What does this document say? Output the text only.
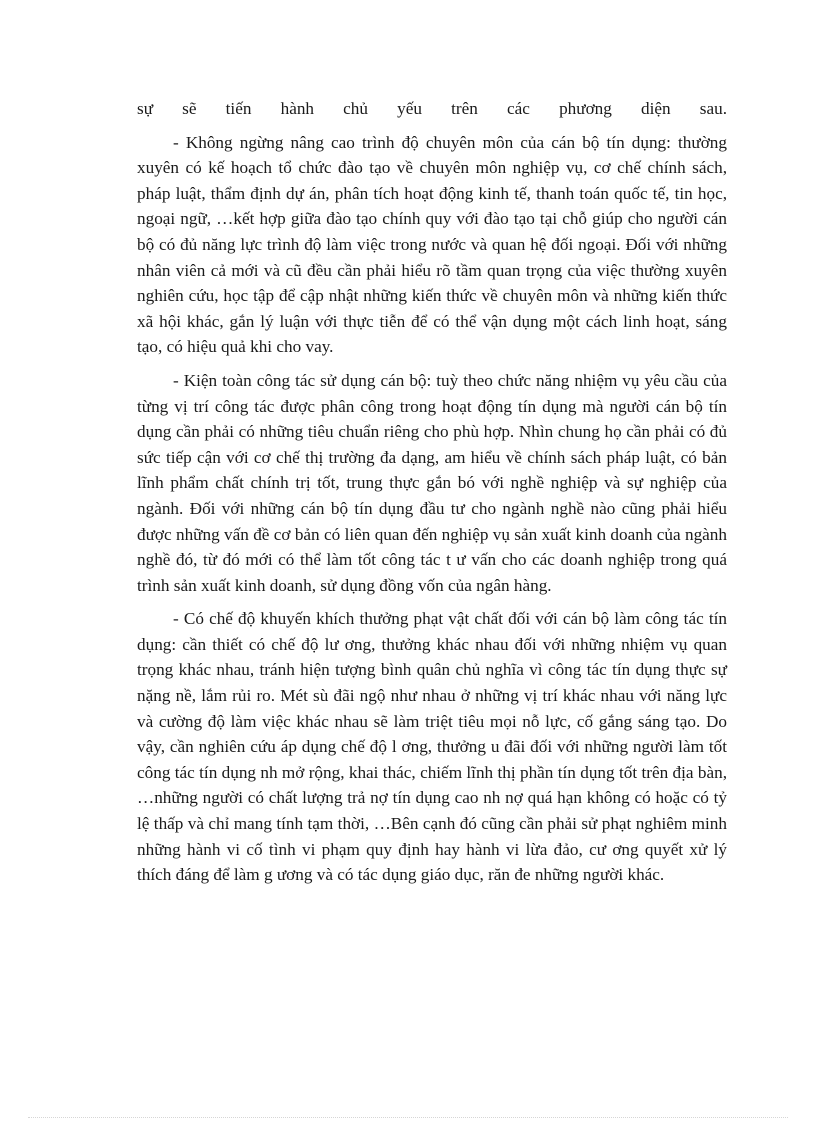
sự sẽ tiến hành chủ yếu trên các phương diện sau.

- Không ngừng nâng cao trình độ chuyên môn của cán bộ tín dụng: thường xuyên có kế hoạch tổ chức đào tạo về chuyên môn nghiệp vụ, cơ chế chính sách, pháp luật, thẩm định dự án, phân tích hoạt động kinh tế, thanh toán quốc tế, tin học, ngoại ngữ, …kết hợp giữa đào tạo chính quy với đào tạo tại chỗ giúp cho người cán bộ có đủ năng lực trình độ làm việc trong nước và quan hệ đối ngoại. Đối với những nhân viên cả mới và cũ đều cần phải hiểu rõ tầm quan trọng của việc thường xuyên nghiên cứu, học tập để cập nhật những kiến thức về chuyên môn và những kiến thức xã hội khác, gắn lý luận với thực tiễn để có thể vận dụng một cách linh hoạt, sáng tạo, có hiệu quả khi cho vay.

- Kiện toàn công tác sử dụng cán bộ: tuỳ theo chức năng nhiệm vụ yêu cầu của từng vị trí công tác được phân công trong hoạt động tín dụng mà người cán bộ tín dụng cần phải có những tiêu chuẩn riêng cho phù hợp. Nhìn chung họ cần phải có đủ sức tiếp cận với cơ chế thị trường đa dạng, am hiểu về chính sách pháp luật, có bản lĩnh phẩm chất chính trị tốt, trung thực gắn bó với nghề nghiệp và sự nghiệp của ngành. Đối với những cán bộ tín dụng đầu tư cho ngành nghề nào cũng phải hiểu được những vấn đề cơ bản có liên quan đến nghiệp vụ sản xuất kinh doanh của ngành nghề đó, từ đó mới có thể làm tốt công tác t ư vấn cho các doanh nghiệp trong quá trình sản xuất kinh doanh, sử dụng đồng vốn của ngân hàng.

- Có chế độ khuyến khích thưởng phạt vật chất đối với cán bộ làm công tác tín dụng: cần thiết có chế độ lư ơng, thưởng khác nhau đối với những nhiệm vụ quan trọng khác nhau, tránh hiện tượng bình quân chủ nghĩa vì công tác tín dụng thực sự nặng nề, lắm rủi ro. Mét sù đãi ngộ như nhau ở những vị trí khác nhau với năng lực và cường độ làm việc khác nhau sẽ làm triệt tiêu mọi nỗ lực, cố gắng sáng tạo. Do vậy, cần nghiên cứu áp dụng chế độ l ơng, thưởng u đãi đối với những người làm tốt công tác tín dụng nh mở rộng, khai thác, chiếm lĩnh thị phần tín dụng tốt trên địa bàn, …những người có chất lượng trả nợ tín dụng cao nh nợ quá hạn không có hoặc có tỷ lệ thấp và chỉ mang tính tạm thời, …Bên cạnh đó cũng cần phải sử phạt nghiêm minh những hành vi cố tình vi phạm quy định hay hành vi lừa đảo, cư ơng quyết xử lý thích đáng để làm g ương và có tác dụng giáo dục, răn đe những người khác.
